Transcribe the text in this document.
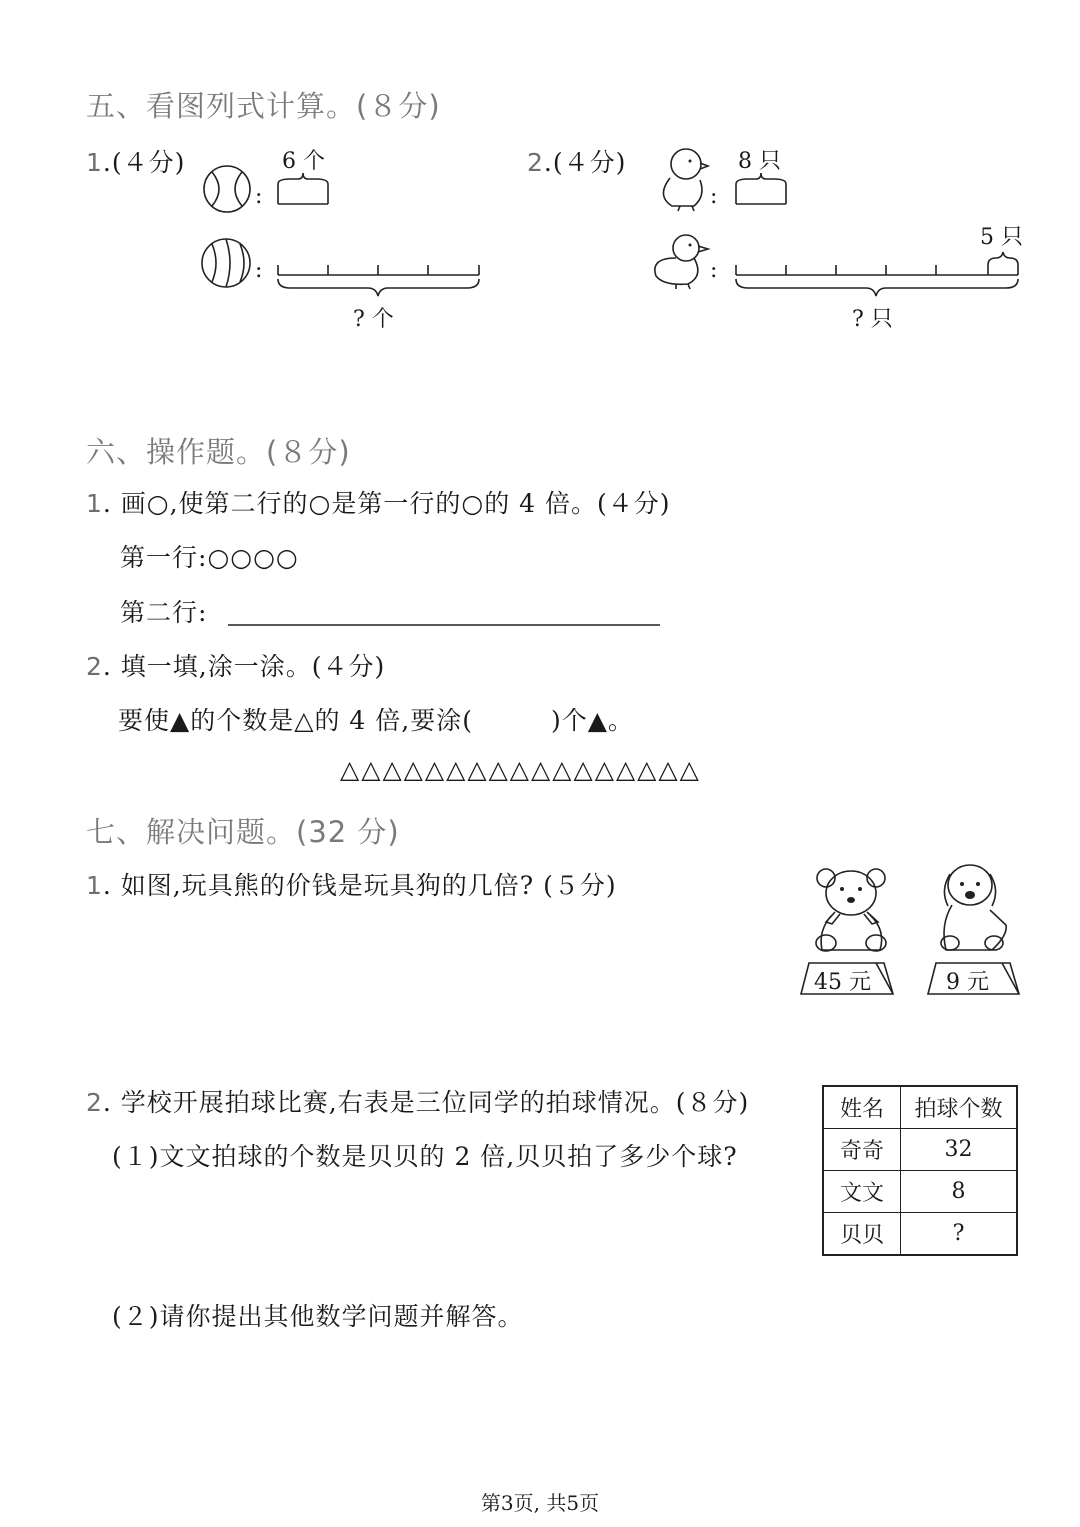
五、看图列式计算。(８分)
1.(４分)	6 个
:
:
? 个
2.(４分)	8 只
5 只
:
:
? 只
六、操作题。(８分)
1. 画○,使第二行的○是第一行的○的 4 倍。(４分)
第一行:○○○○
第二行:
2. 填一填,涂一涂。(４分)
要使▲的个数是△的 4 倍,要涂(　　　)个▲。
△△△△△△△△△△△△△△△△△
七、解决问题。(32 分)
1. 如图,玩具熊的价钱是玩具狗的几倍? (５分)
45 元	9 元
2. 学校开展拍球比赛,右表是三位同学的拍球情况。(８分)
(１)文文拍球的个数是贝贝的 2 倍,贝贝拍了多少个球?
(２)请你提出其他数学问题并解答。
姓名	拍球个数
奇奇	32
文文	8
贝贝	?
第3页, 共5页
